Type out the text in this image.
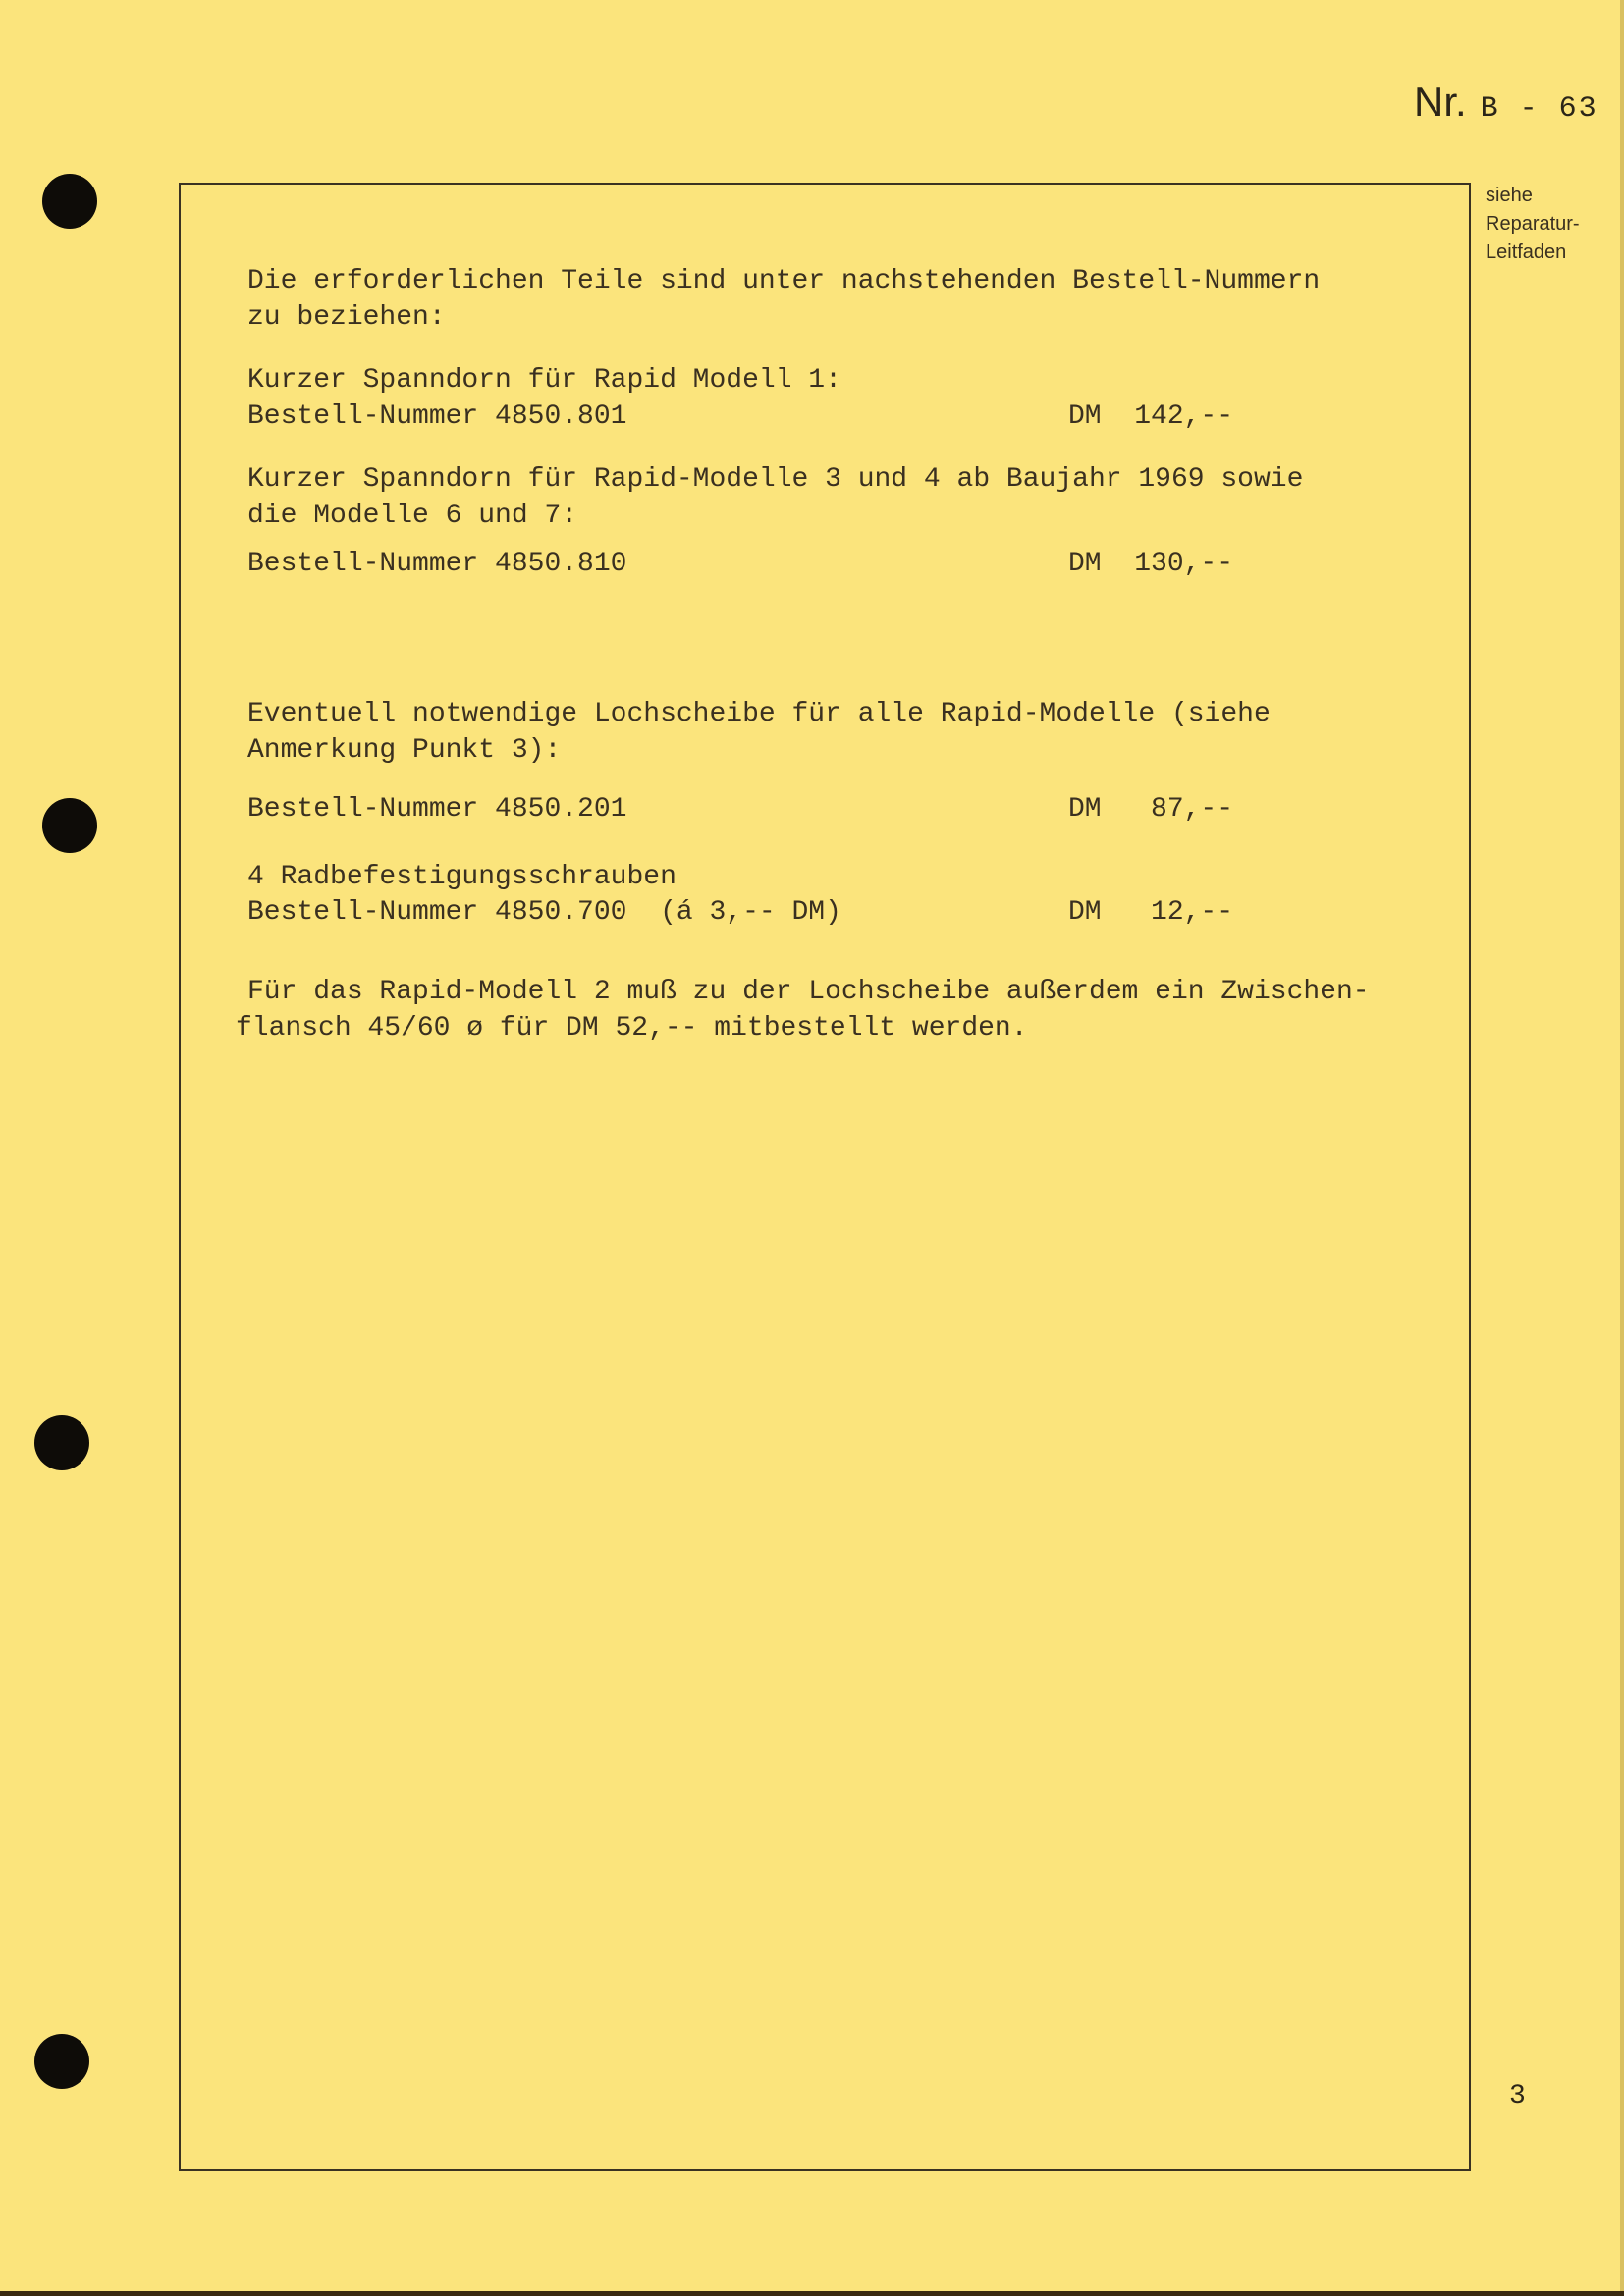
Nr. B - 63
siehe
Reparatur-
Leitfaden
Die erforderlichen Teile sind unter nachstehenden Bestell-Nummern
zu beziehen:
Kurzer Spanndorn für Rapid Modell 1:
Bestell-Nummer 4850.801	DM  142,--
Kurzer Spanndorn für Rapid-Modelle 3 und 4 ab Baujahr 1969 sowie
die Modelle 6 und 7:
Bestell-Nummer 4850.810	DM  130,--
Eventuell notwendige Lochscheibe für alle Rapid-Modelle (siehe
Anmerkung Punkt 3):
Bestell-Nummer 4850.201	DM   87,--
4 Radbefestigungsschrauben
Bestell-Nummer 4850.700  (á 3,-- DM)	DM   12,--
Für das Rapid-Modell 2 muß zu der Lochscheibe außerdem ein Zwischen-
flansch 45/60 ø für DM 52,-- mitbestellt werden.
3
